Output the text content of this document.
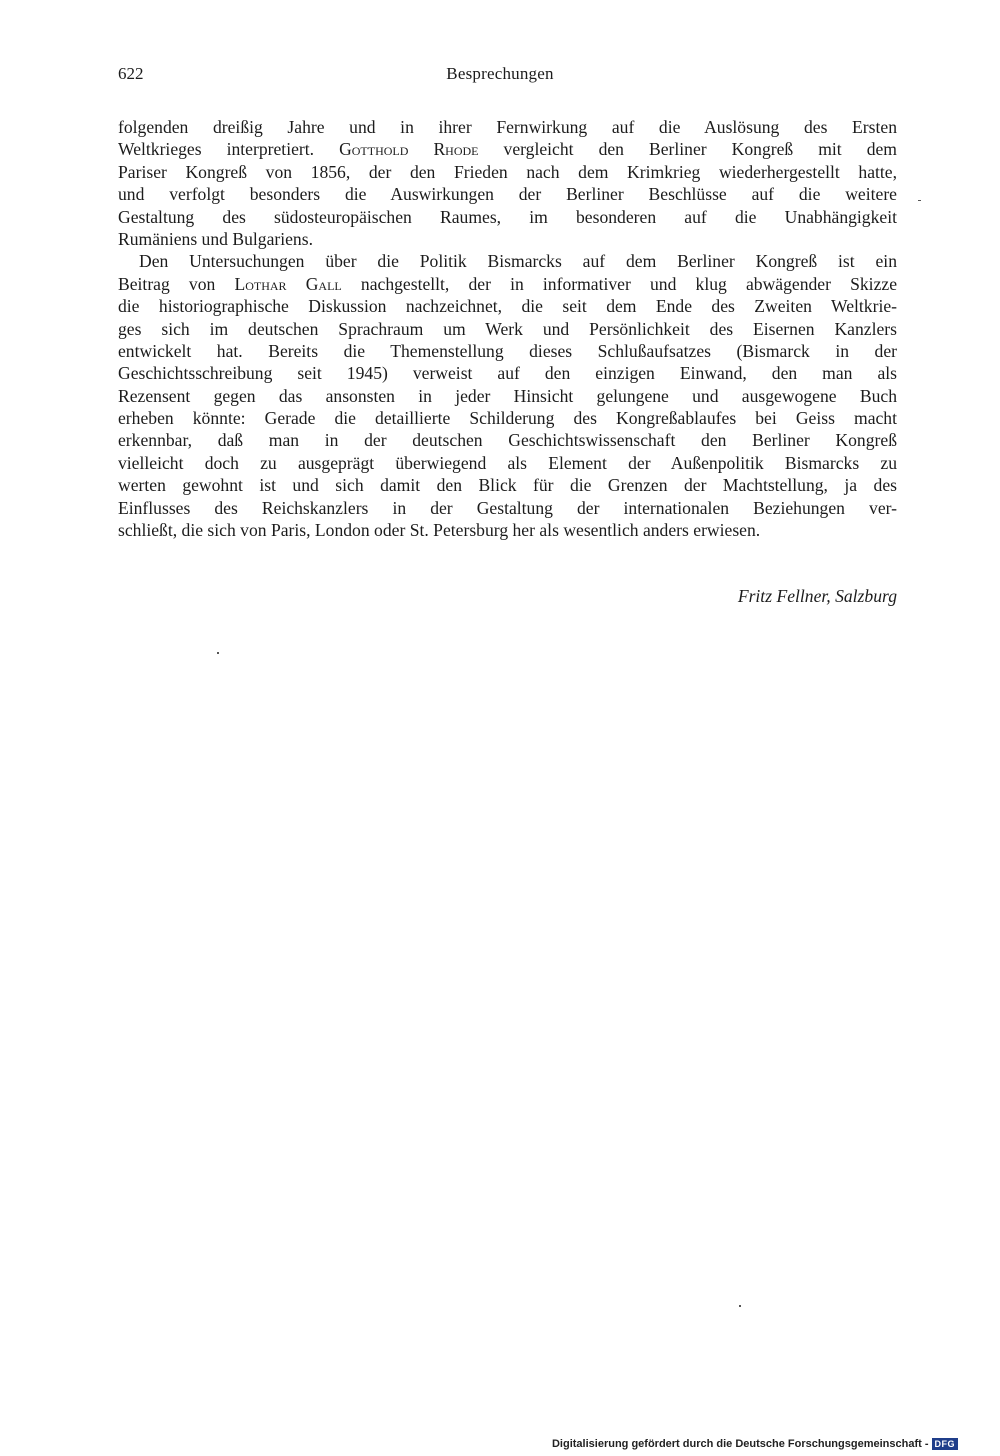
622	Besprechungen
folgenden dreißig Jahre und in ihrer Fernwirkung auf die Auslösung des Ersten
Weltkrieges interpretiert. Gotthold Rhode vergleicht den Berliner Kongreß mit dem
Pariser Kongreß von 1856, der den Frieden nach dem Krimkrieg wiederhergestellt hatte,
und verfolgt besonders die Auswirkungen der Berliner Beschlüsse auf die weitere
Gestaltung des südosteuropäischen Raumes, im besonderen auf die Unabhängigkeit
Rumäniens und Bulgariens.
Den Untersuchungen über die Politik Bismarcks auf dem Berliner Kongreß ist ein
Beitrag von Lothar Gall nachgestellt, der in informativer und klug abwägender Skizze
die historiographische Diskussion nachzeichnet, die seit dem Ende des Zweiten Weltkrie-
ges sich im deutschen Sprachraum um Werk und Persönlichkeit des Eisernen Kanzlers
entwickelt hat. Bereits die Themenstellung dieses Schlußaufsatzes (Bismarck in der
Geschichtsschreibung seit 1945) verweist auf den einzigen Einwand, den man als
Rezensent gegen das ansonsten in jeder Hinsicht gelungene und ausgewogene Buch
erheben könnte: Gerade die detaillierte Schilderung des Kongreßablaufes bei Geiss macht
erkennbar, daß man in der deutschen Geschichtswissenschaft den Berliner Kongreß
vielleicht doch zu ausgeprägt überwiegend als Element der Außenpolitik Bismarcks zu
werten gewohnt ist und sich damit den Blick für die Grenzen der Machtstellung, ja des
Einflusses des Reichskanzlers in der Gestaltung der internationalen Beziehungen ver-
schließt, die sich von Paris, London oder St. Petersburg her als wesentlich anders erwiesen.
Fritz Fellner, Salzburg
Digitalisierung gefördert durch die Deutsche Forschungsgemeinschaft - DFG
